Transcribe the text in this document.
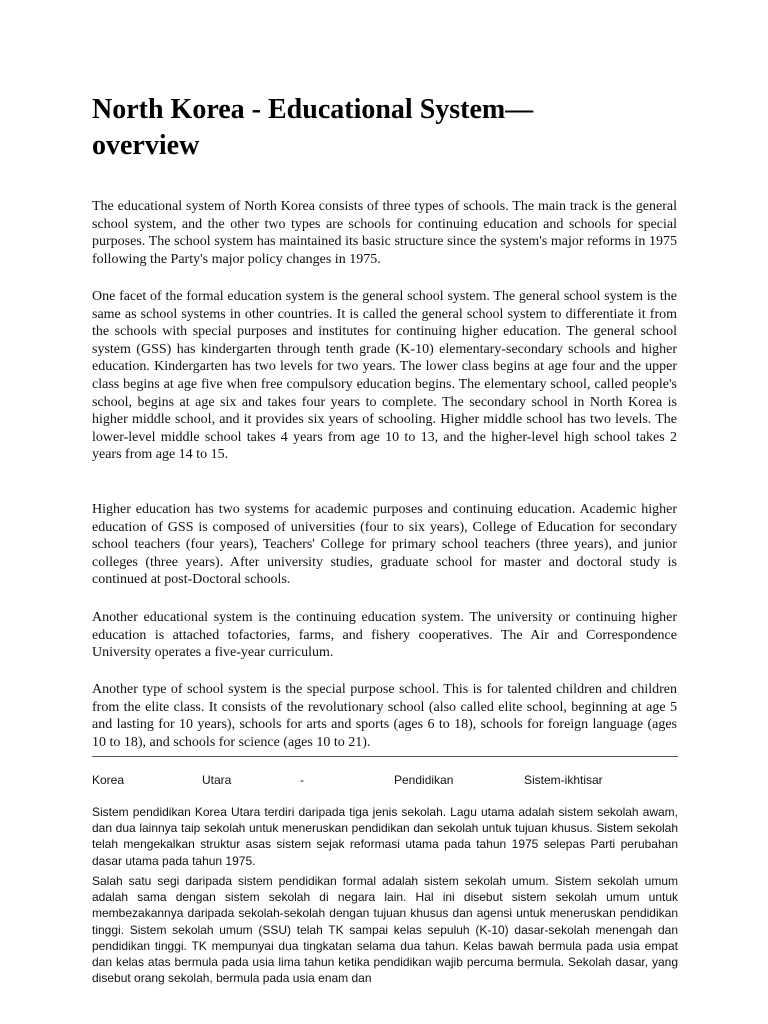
North Korea - Educational System—
overview

The educational system of North Korea consists of three types of schools. The main track is the general school system, and the other two types are schools for continuing education and schools for special purposes. The school system has maintained its basic structure since the system's major reforms in 1975 following the Party's major policy changes in 1975.

One facet of the formal education system is the general school system. The general school system is the same as school systems in other countries. It is called the general school system to differentiate it from the schools with special purposes and institutes for continuing higher education. The general school system (GSS) has kindergarten through tenth grade (K-10) elementary-secondary schools and higher education. Kindergarten has two levels for two years. The lower class begins at age four and the upper class begins at age five when free compulsory education begins. The elementary school, called people's school, begins at age six and takes four years to complete. The secondary school in North Korea is higher middle school, and it provides six years of schooling. Higher middle school has two levels. The lower-level middle school takes 4 years from age 10 to 13, and the higher-level high school takes 2 years from age 14 to 15.

Higher education has two systems for academic purposes and continuing education. Academic higher education of GSS is composed of universities (four to six years), College of Education for secondary school teachers (four years), Teachers' College for primary school teachers (three years), and junior colleges (three years). After university studies, graduate school for master and doctoral study is continued at post-Doctoral schools.

Another educational system is the continuing education system. The university or continuing higher education is attached tofactories, farms, and fishery cooperatives. The Air and Correspondence University operates a five-year curriculum.

Another type of school system is the special purpose school. This is for talented children and children from the elite class. It consists of the revolutionary school (also called elite school, beginning at age 5 and lasting for 10 years), schools for arts and sports (ages 6 to 18), schools for foreign language (ages 10 to 18), and schools for science (ages 10 to 21).

Korea	Utara	-	Pendidikan	Sistem-ikhtisar

Sistem pendidikan Korea Utara terdiri daripada tiga jenis sekolah. Lagu utama adalah sistem sekolah awam, dan dua lainnya taip sekolah untuk meneruskan pendidikan dan sekolah untuk tujuan khusus. Sistem sekolah telah mengekalkan struktur asas sistem sejak reformasi utama pada tahun 1975 selepas Parti perubahan dasar utama pada tahun 1975.

Salah satu segi daripada sistem pendidikan formal adalah sistem sekolah umum. Sistem sekolah umum adalah sama dengan sistem sekolah di negara lain. Hal ini disebut sistem sekolah umum untuk membezakannya daripada sekolah-sekolah dengan tujuan khusus dan agensi untuk meneruskan pendidikan tinggi. Sistem sekolah umum (SSU) telah TK sampai kelas sepuluh (K-10) dasar-sekolah menengah dan pendidikan tinggi. TK mempunyai dua tingkatan selama dua tahun. Kelas bawah bermula pada usia empat dan kelas atas bermula pada usia lima tahun ketika pendidikan wajib percuma bermula. Sekolah dasar, yang disebut orang sekolah, bermula pada usia enam dan
